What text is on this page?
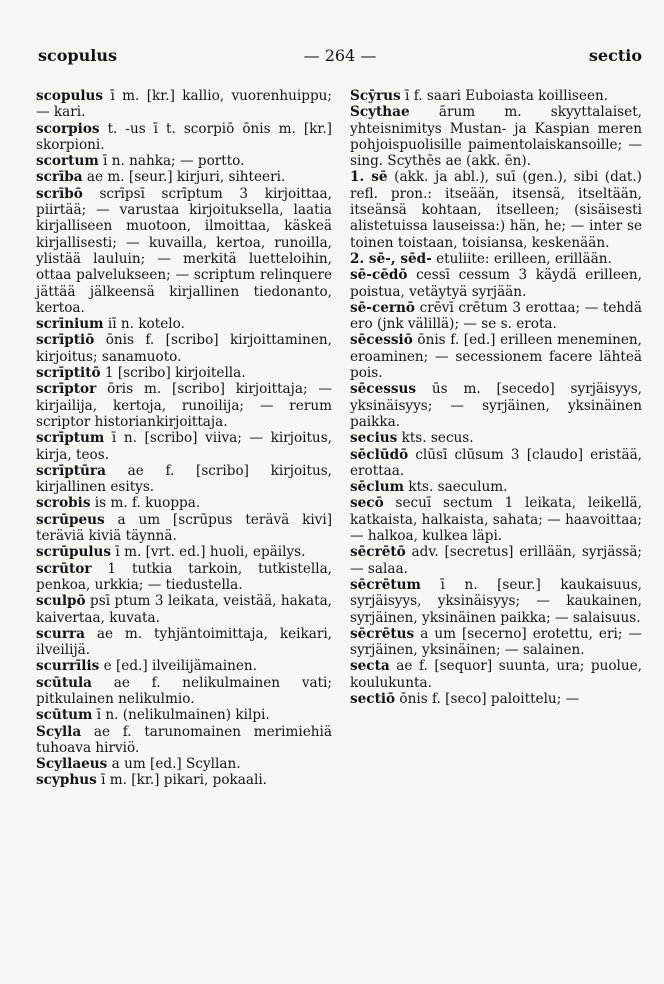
scopulus	— 264 —	sectio

scopulus ī m. [kr.] kallio, vuorenhuippu; — kari.

scorpios t. -us ī t. scorpiō ōnis m. [kr.] skorpioni.

scortum ī n. nahka; — portto.

scrība ae m. [seur.] kirjuri, sihteeri.

scrībō scrīpsī scrīptum 3 kirjoittaa, piirtää; — varustaa kirjoituksella, laatia kirjalliseen muotoon, ilmoittaa, käskeä kirjallisesti; — kuvailla, kertoa, runoilla, ylistää lauluin; — merkitä luetteloihin, ottaa palvelukseen; — scriptum relinquere jättää jälkeensä kirjallinen tiedonanto, kertoa.

scrīnium iī n. kotelo.

scrīptiō ōnis f. [scribo] kirjoittaminen, kirjoitus; sanamuoto.

scrīptitō 1 [scribo] kirjoitella.

scrīptor ōris m. [scribo] kirjoittaja; — kirjailija, kertoja, runoilija; — rerum scriptor historiankirjoittaja.

scrīptum ī n. [scribo] viiva; — kirjoitus, kirja, teos.

scrīptūra ae f. [scribo] kirjoitus, kirjallinen esitys.

scrobis is m. f. kuoppa.

scrūpeus a um [scrūpus terävä kivi] teräviä kiviä täynnä.

scrūpulus ī m. [vrt. ed.] huoli, epäilys.

scrūtor 1 tutkia tarkoin, tutkistella, penkoa, urkkia; — tiedustella.

sculpō psī ptum 3 leikata, veistää, hakata, kaivertaa, kuvata.

scurra ae m. tyhjäntoimittaja, keikari, ilveilijä.

scurrīlis e [ed.] ilveilijämainen.

scūtula ae f. nelikulmainen vati; pitkulainen nelikulmio.

scūtum ī n. (nelikulmainen) kilpi.

Scylla ae f. tarunomainen merimiehiä tuhoava hirviö.

Scyllaeus a um [ed.] Scyllan.

scyphus ī m. [kr.] pikari, pokaali.

Scȳrus ī f. saari Euboiasta koilliseen.

Scythae ārum m. skyyttalaiset, yhteisnimitys Mustan- ja Kaspian meren pohjoispuolisille paimentolaiskansoille; — sing. Scythēs ae (akk. ēn).

1. sē (akk. ja abl.), suī (gen.), sibi (dat.) refl. pron.: itseään, itsensä, itseltään, itseänsä kohtaan, itselleen; (sisäisesti alistetuissa lauseissa:) hän, he; — inter se toinen toistaan, toisiansa, keskenään.

2. sē-, sēd- etuliite: erilleen, erillään.

sē-cēdō cessī cessum 3 käydä erilleen, poistua, vetäytyä syrjään.

sē-cernō crēvī crētum 3 erottaa; — tehdä ero (jnk välillä); — se s. erota.

sēcessiō ōnis f. [ed.] erilleen meneminen, eroaminen; — secessionem facere lähteä pois.

sēcessus ūs m. [secedo] syrjäisyys, yksinäisyys; — syrjäinen, yksinäinen paikka.

secius kts. secus.

sēclūdō clūsī clūsum 3 [claudo] eristää, erottaa.

sēclum kts. saeculum.

secō secuī sectum 1 leikata, leikellä, katkaista, halkaista, sahata; — haavoittaa; — halkoa, kulkea läpi.

sēcrētō adv. [secretus] erillään, syrjässä; — salaa.

sēcrētum ī n. [seur.] kaukaisuus, syrjäisyys, yksinäisyys; — kaukainen, syrjäinen, yksinäinen paikka; — salaisuus.

sēcrētus a um [secerno] erotettu, eri; — syrjäinen, yksinäinen; — salainen.

secta ae f. [sequor] suunta, ura; puolue, koulukunta.

sectiō ōnis f. [seco] paloittelu; —
